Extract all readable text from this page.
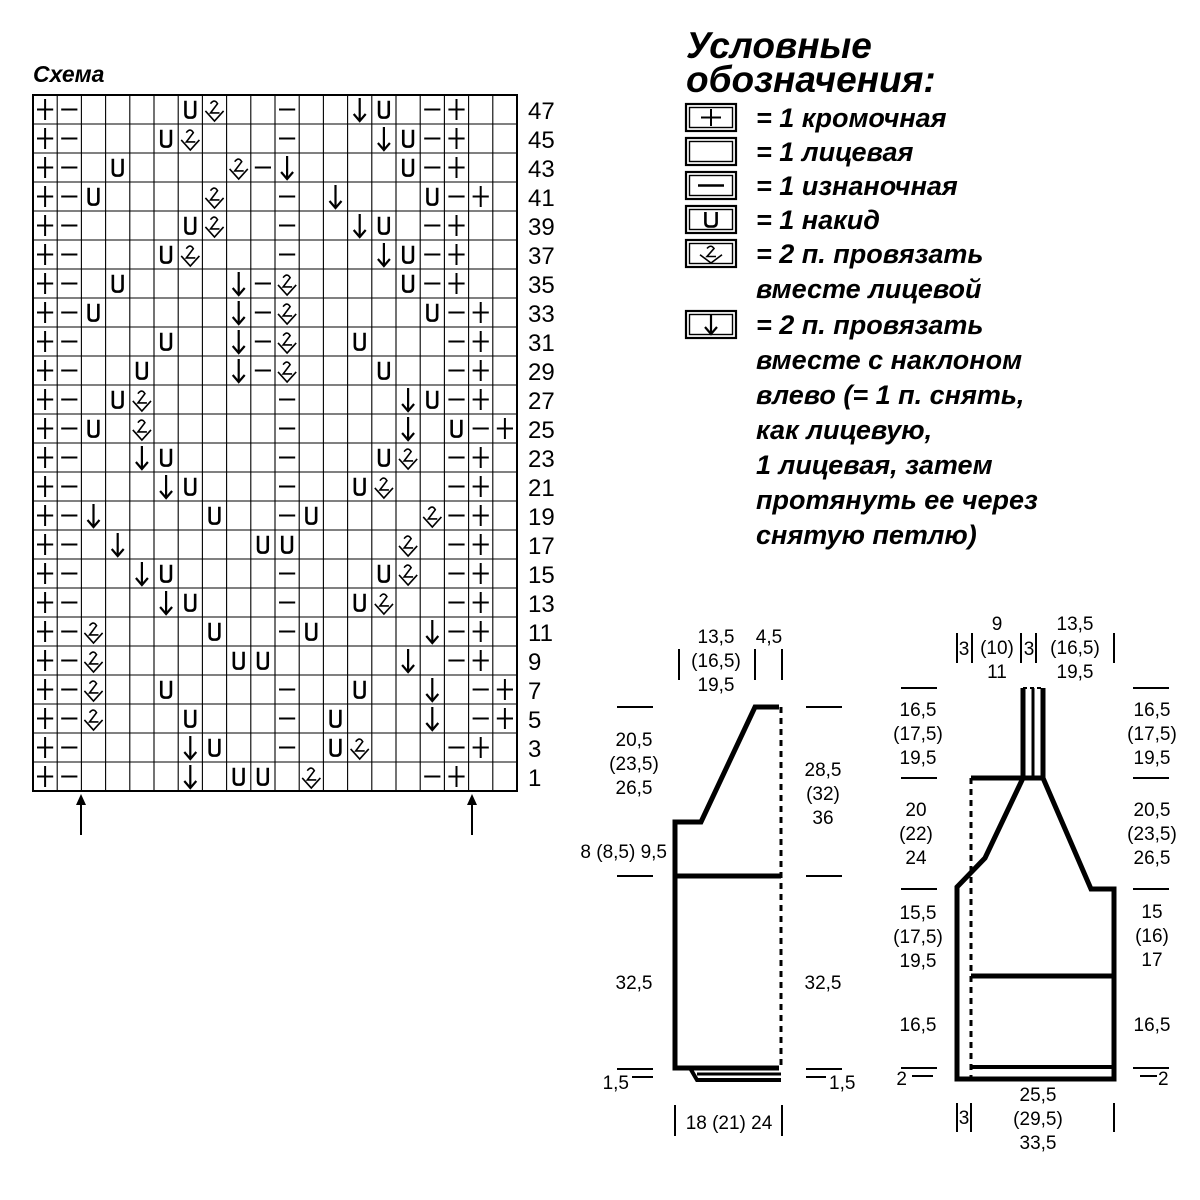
Схема
47
45
43
41
39
37
35
33
31
29
27
25
23
21
19
17
15
13
11
9
7
5
3
1
Условные
обозначения:
= 1 кромочная
= 1 лицевая
= 1 изнаночная
= 1 накид
= 2 п. провязать
вместе лицевой
= 2 п. провязать
вместе с наклоном
влево (= 1 п. снять,
как лицевую,
1 лицевая, затем
протянуть ее через
снятую петлю)
13,5
(16,5)
19,5
4,5
20,5
(23,5)
26,5
8 (8,5) 9,5
32,5
1,5
28,5
(32)
36
32,5
1,5
18 (21) 24
3
9
(10)
11
3
13,5
(16,5)
19,5
16,5
(17,5)
19,5
20
(22)
24
15,5
(17,5)
19,5
16,5
2
16,5
(17,5)
19,5
20,5
(23,5)
26,5
15
(16)
17
16,5
2
3
25,5
(29,5)
33,5
